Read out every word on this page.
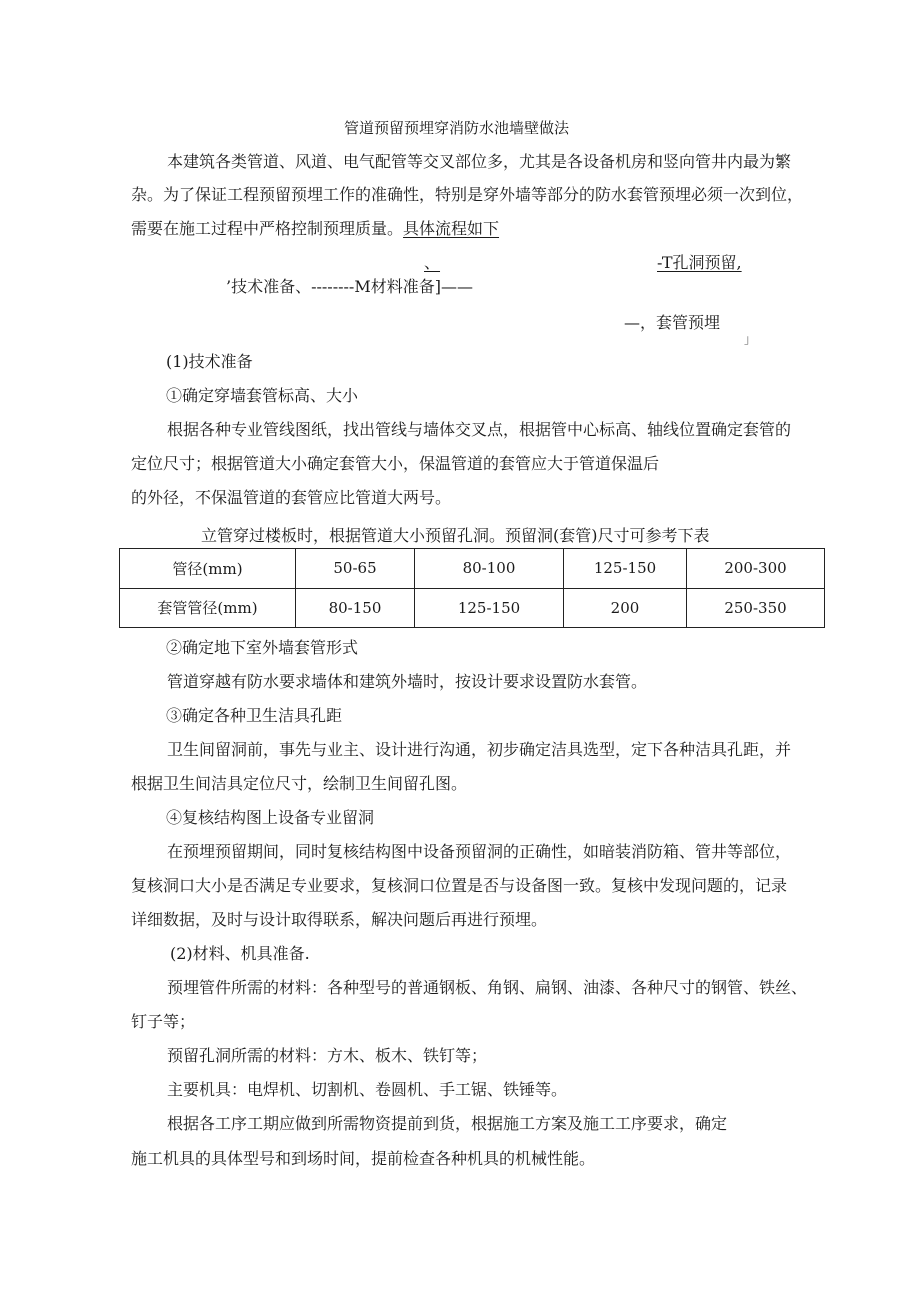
管道预留预埋穿消防水池墙壁做法
本建筑各类管道、风道、电气配管等交叉部位多，尤其是各设备机房和竖向管井内最为繁
杂。为了保证工程预留预埋工作的准确性，特别是穿外墙等部分的防水套管预埋必须一次到位，
需要在施工过程中严格控制预理质量。具体流程如下
、	-T孔洞预留,
’技术准备、--------M材料准备]——
—，套管预埋
」
(1)技术准备
①确定穿墙套管标高、大小
根据各种专业管线图纸，找出管线与墙体交叉点，根据管中心标高、轴线位置确定套管的
定位尺寸；根据管道大小确定套管大小，保温管道的套管应大于管道保温后
的外径，不保温管道的套管应比管道大两号。
立管穿过楼板时，根据管道大小预留孔洞。预留洞(套管)尺寸可参考下表
管径(mm)	50-65	80-100	125-150	200-300
套管管径(mm)	80-150	125-150	200	250-350
②确定地下室外墙套管形式
管道穿越有防水要求墙体和建筑外墙时，按设计要求设置防水套管。
③确定各种卫生洁具孔距
卫生间留洞前，事先与业主、设计进行沟通，初步确定洁具选型，定下各种洁具孔距，并
根据卫生间洁具定位尺寸，绘制卫生间留孔图。
④复核结构图上设备专业留洞
在预埋预留期间，同时复核结构图中设备预留洞的正确性，如暗装消防箱、管井等部位，
复核洞口大小是否满足专业要求，复核洞口位置是否与设备图一致。复核中发现问题的，记录
详细数据，及时与设计取得联系，解决问题后再进行预埋。
(2)材料、机具准备.
预埋管件所需的材料：各种型号的普通钢板、角钢、扁钢、油漆、各种尺寸的钢管、铁丝、
钉子等；
预留孔洞所需的材料：方木、板木、铁钉等；
主要机具：电焊机、切割机、卷圆机、手工锯、铁锤等。
根据各工序工期应做到所需物资提前到货，根据施工方案及施工工序要求，确定
施工机具的具体型号和到场时间，提前检查各种机具的机械性能。
